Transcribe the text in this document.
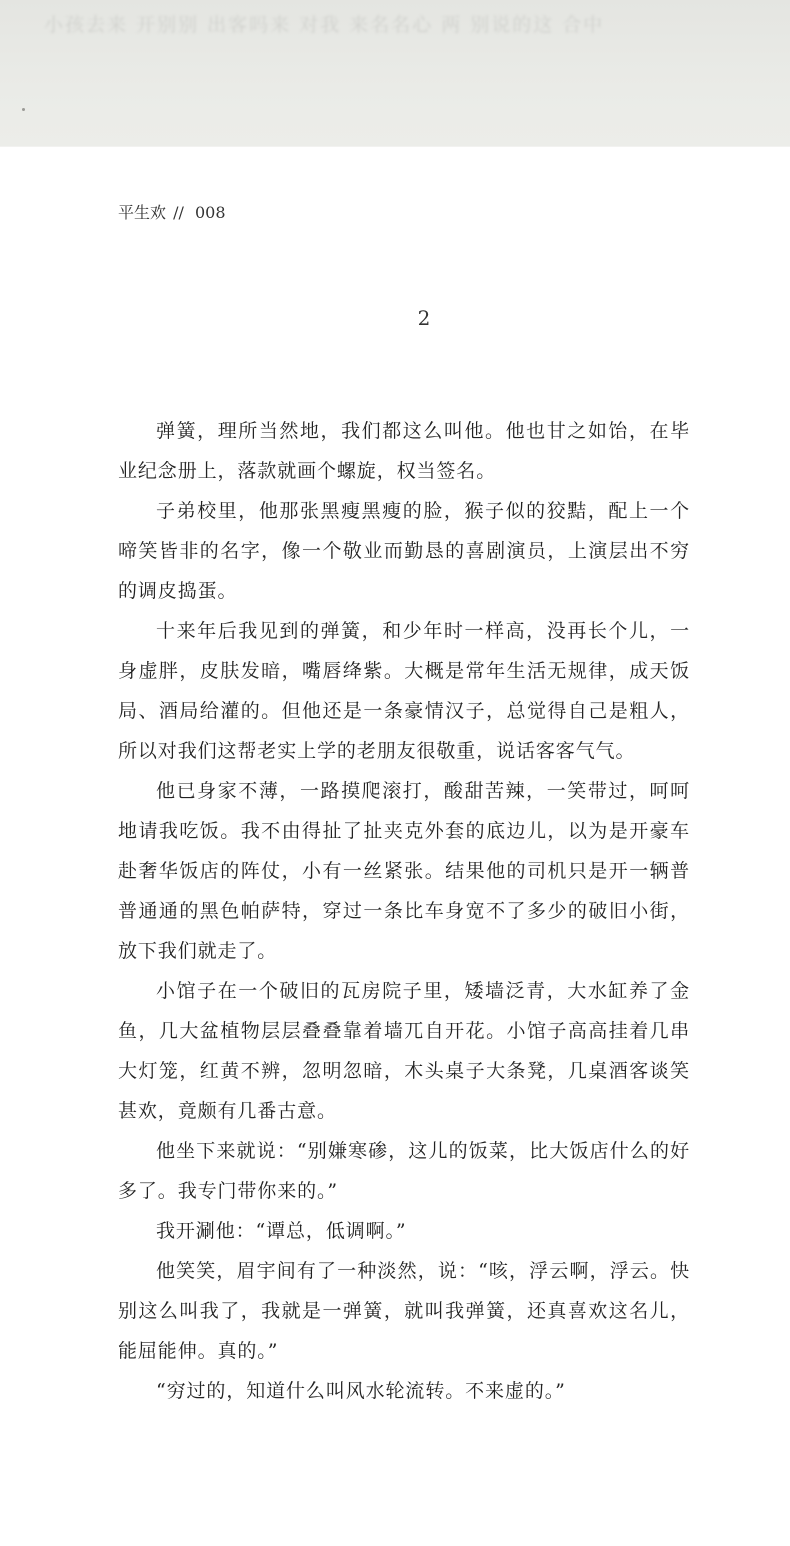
小孩去来 开别别 出客吗来 对我 来名名心 两 别说的这 合中
平生欢 // 008
2

弹簧，理所当然地，我们都这么叫他。他也甘之如饴，在毕业纪念册上，落款就画个螺旋，权当签名。

子弟校里，他那张黑瘦黑瘦的脸，猴子似的狡黠，配上一个啼笑皆非的名字，像一个敬业而勤恳的喜剧演员，上演层出不穷的调皮捣蛋。

十来年后我见到的弹簧，和少年时一样高，没再长个儿，一身虚胖，皮肤发暗，嘴唇绛紫。大概是常年生活无规律，成天饭局、酒局给灌的。但他还是一条豪情汉子，总觉得自己是粗人，所以对我们这帮老实上学的老朋友很敬重，说话客客气气。

他已身家不薄，一路摸爬滚打，酸甜苦辣，一笑带过，呵呵地请我吃饭。我不由得扯了扯夹克外套的底边儿，以为是开豪车赴奢华饭店的阵仗，小有一丝紧张。结果他的司机只是开一辆普普通通的黑色帕萨特，穿过一条比车身宽不了多少的破旧小街，放下我们就走了。

小馆子在一个破旧的瓦房院子里，矮墙泛青，大水缸养了金鱼，几大盆植物层层叠叠靠着墙兀自开花。小馆子高高挂着几串大灯笼，红黄不辨，忽明忽暗，木头桌子大条凳，几桌酒客谈笑甚欢，竟颇有几番古意。

他坐下来就说：“别嫌寒碜，这儿的饭菜，比大饭店什么的好多了。我专门带你来的。”

我开涮他：“谭总，低调啊。”

他笑笑，眉宇间有了一种淡然，说：“咳，浮云啊，浮云。快别这么叫我了，我就是一弹簧，就叫我弹簧，还真喜欢这名儿，能屈能伸。真的。”

“穷过的，知道什么叫风水轮流转。不来虚的。”
